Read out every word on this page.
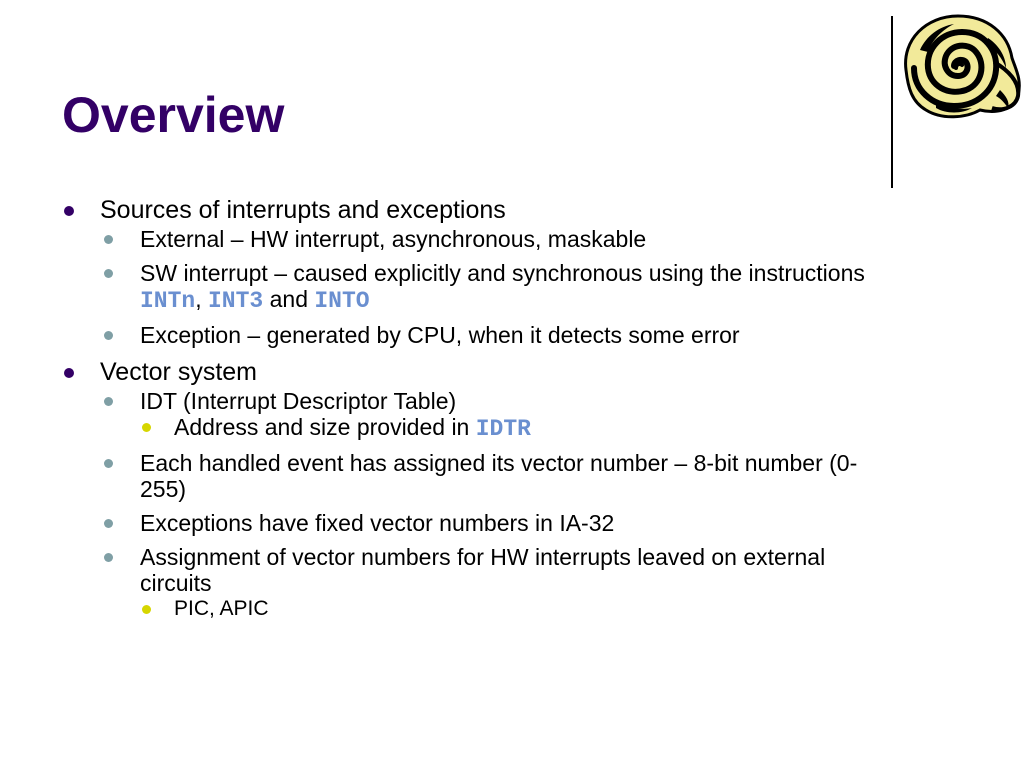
Overview
Sources of interrupts and exceptions
External – HW interrupt, asynchronous, maskable
SW interrupt – caused explicitly and synchronous using the instructions INTn, INT3 and INTO
Exception – generated by CPU, when it detects some error
Vector system
IDT (Interrupt Descriptor Table)
Address and size provided in IDTR
Each handled event has assigned its vector number – 8-bit number (0-255)
Exceptions have fixed vector numbers in IA-32
Assignment of vector numbers for HW interrupts leaved on external circuits
PIC, APIC
